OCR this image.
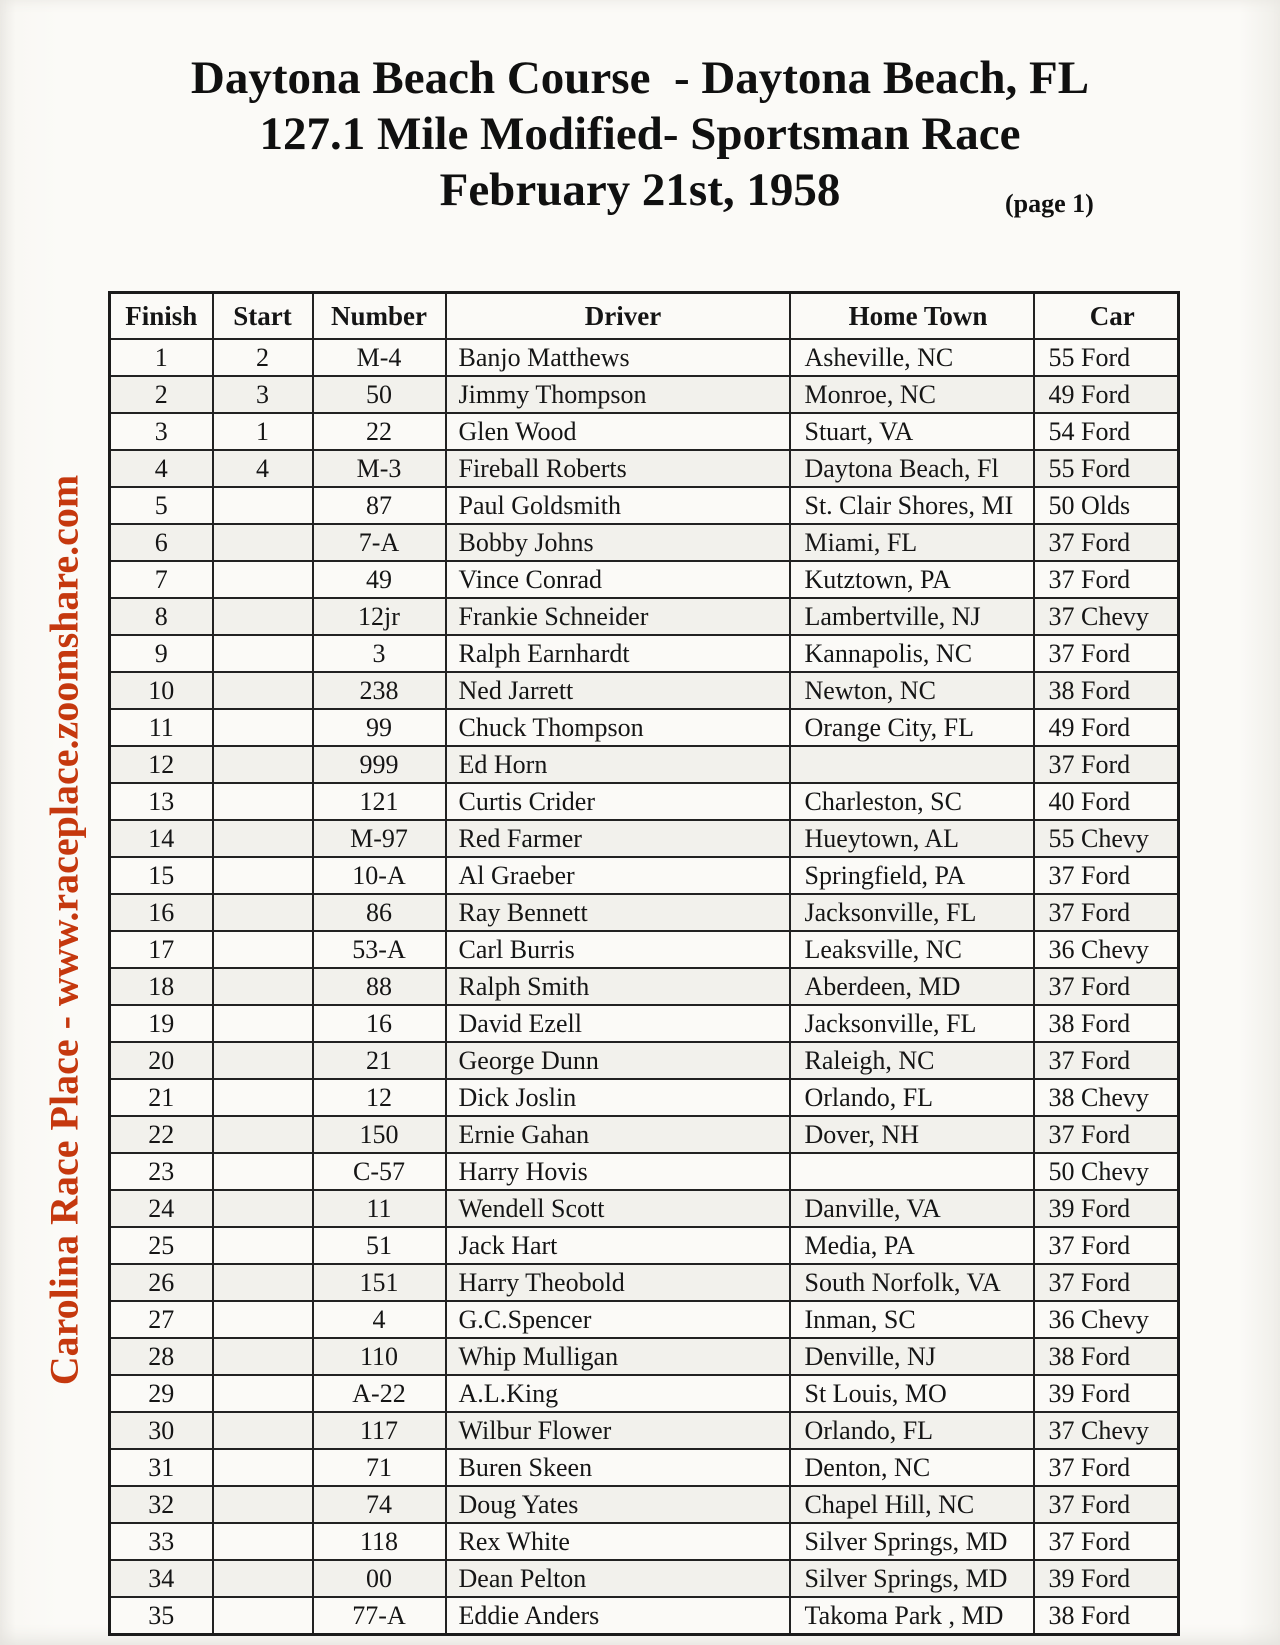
Carolina Race Place - www.raceplace.zoomshare.com
Daytona Beach Course  - Daytona Beach, FL
127.1 Mile Modified- Sportsman Race
February 21st, 1958	(page 1)
Finish	Start	Number	Driver	Home Town	Car
1	2	M-4	Banjo Matthews	Asheville, NC	55 Ford
2	3	50	Jimmy Thompson	Monroe, NC	49 Ford
3	1	22	Glen Wood	Stuart, VA	54 Ford
4	4	M-3	Fireball Roberts	Daytona Beach, Fl	55 Ford
5		87	Paul Goldsmith	St. Clair Shores, MI	50 Olds
6		7-A	Bobby Johns	Miami, FL	37 Ford
7		49	Vince Conrad	Kutztown, PA	37 Ford
8		12jr	Frankie Schneider	Lambertville, NJ	37 Chevy
9		3	Ralph Earnhardt	Kannapolis, NC	37 Ford
10		238	Ned Jarrett	Newton, NC	38 Ford
11		99	Chuck Thompson	Orange City, FL	49 Ford
12		999	Ed Horn		37 Ford
13		121	Curtis Crider	Charleston, SC	40 Ford
14		M-97	Red Farmer	Hueytown, AL	55 Chevy
15		10-A	Al Graeber	Springfield, PA	37 Ford
16		86	Ray Bennett	Jacksonville, FL	37 Ford
17		53-A	Carl Burris	Leaksville, NC	36 Chevy
18		88	Ralph Smith	Aberdeen, MD	37 Ford
19		16	David Ezell	Jacksonville, FL	38 Ford
20		21	George Dunn	Raleigh, NC	37 Ford
21		12	Dick Joslin	Orlando, FL	38 Chevy
22		150	Ernie Gahan	Dover, NH	37 Ford
23		C-57	Harry Hovis		50 Chevy
24		11	Wendell Scott	Danville, VA	39 Ford
25		51	Jack Hart	Media, PA	37 Ford
26		151	Harry Theobold	South Norfolk, VA	37 Ford
27		4	G.C.Spencer	Inman, SC	36 Chevy
28		110	Whip Mulligan	Denville, NJ	38 Ford
29		A-22	A.L.King	St Louis, MO	39 Ford
30		117	Wilbur Flower	Orlando, FL	37 Chevy
31		71	Buren Skeen	Denton, NC	37 Ford
32		74	Doug Yates	Chapel Hill, NC	37 Ford
33		118	Rex White	Silver Springs, MD	37 Ford
34		00	Dean Pelton	Silver Springs, MD	39 Ford
35		77-A	Eddie Anders	Takoma Park , MD	38 Ford
